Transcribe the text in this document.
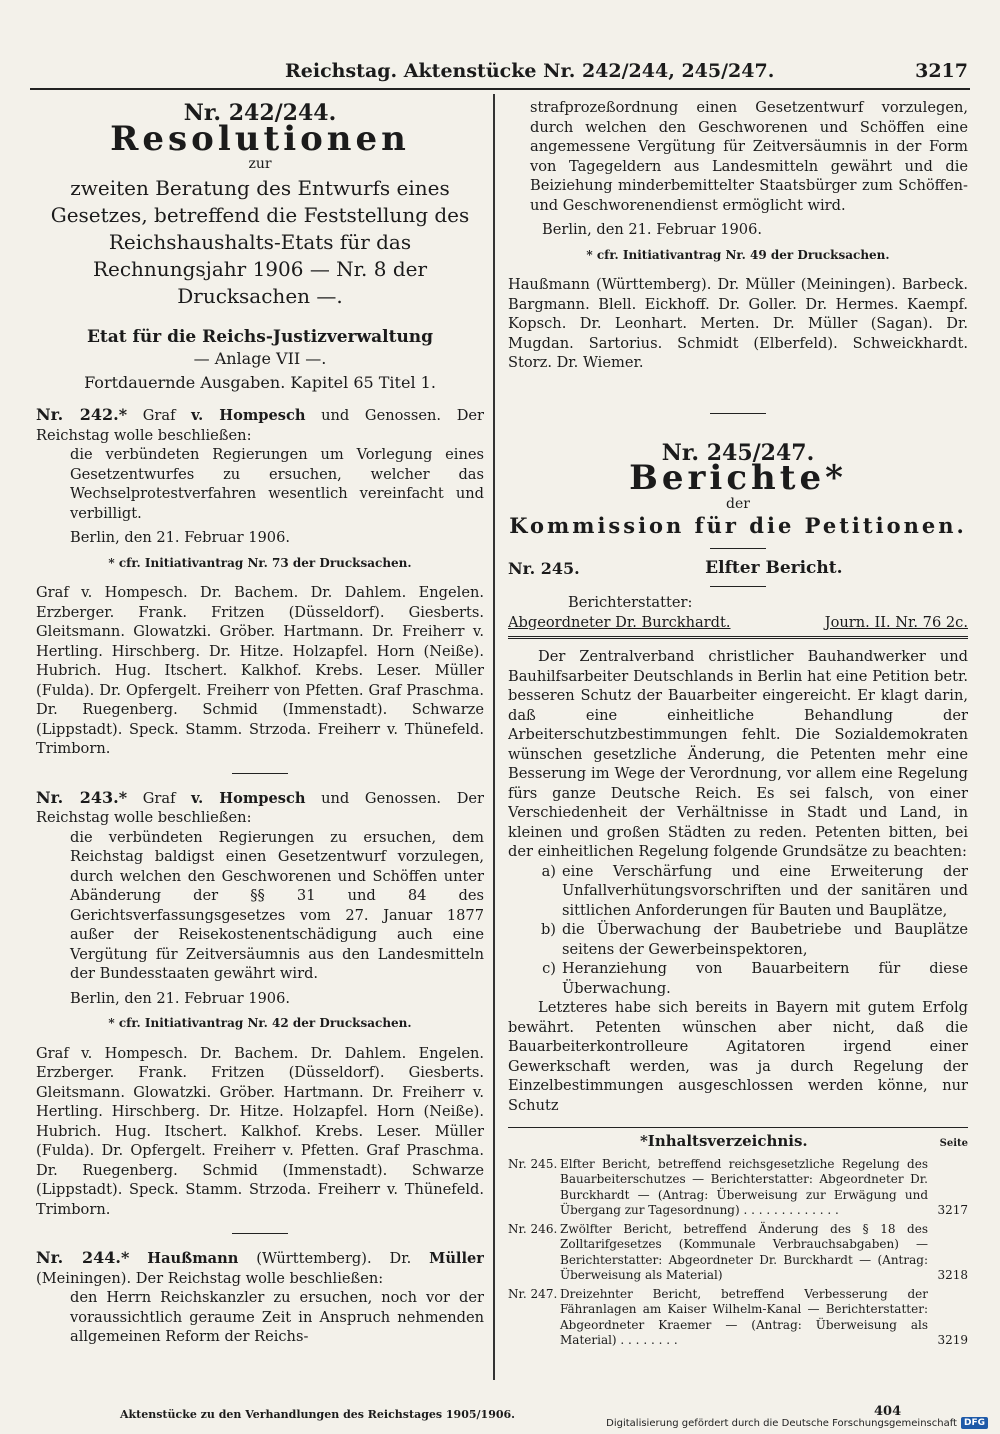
Reichstag. Aktenstücke Nr. 242/244, 245/247.	3217
Nr. 242/244.
Resolutionen
zur
zweiten Beratung des Entwurfs eines Gesetzes, betreffend die Feststellung des Reichshaushalts-Etats für das Rechnungsjahr 1906 — Nr. 8 der Drucksachen —.
Etat für die Reichs-Justizverwaltung
— Anlage VII —.
Fortdauernde Ausgaben. Kapitel 65 Titel 1.
Nr. 242.* Graf v. Hompesch und Genossen. Der Reichstag wolle beschließen:
die verbündeten Regierungen um Vorlegung eines Gesetzentwurfes zu ersuchen, welcher das Wechselprotestverfahren wesentlich vereinfacht und verbilligt.
Berlin, den 21. Februar 1906.
* cfr. Initiativantrag Nr. 73 der Drucksachen.
Graf v. Hompesch. Dr. Bachem. Dr. Dahlem. Engelen. Erzberger. Frank. Fritzen (Düsseldorf). Giesberts. Gleitsmann. Glowatzki. Gröber. Hartmann. Dr. Freiherr v. Hertling. Hirschberg. Dr. Hitze. Holzapfel. Horn (Neiße). Hubrich. Hug. Itschert. Kalkhof. Krebs. Leser. Müller (Fulda). Dr. Opfergelt. Freiherr von Pfetten. Graf Praschma. Dr. Ruegenberg. Schmid (Immenstadt). Schwarze (Lippstadt). Speck. Stamm. Strzoda. Freiherr v. Thünefeld. Trimborn.
Nr. 243.* Graf v. Hompesch und Genossen. Der Reichstag wolle beschließen:
die verbündeten Regierungen zu ersuchen, dem Reichstag baldigst einen Gesetzentwurf vorzulegen, durch welchen den Geschworenen und Schöffen unter Abänderung der §§ 31 und 84 des Gerichtsverfassungsgesetzes vom 27. Januar 1877 außer der Reisekostenentschädigung auch eine Vergütung für Zeitversäumnis aus den Landesmitteln der Bundesstaaten gewährt wird.
Berlin, den 21. Februar 1906.
* cfr. Initiativantrag Nr. 42 der Drucksachen.
Graf v. Hompesch. Dr. Bachem. Dr. Dahlem. Engelen. Erzberger. Frank. Fritzen (Düsseldorf). Giesberts. Gleitsmann. Glowatzki. Gröber. Hartmann. Dr. Freiherr v. Hertling. Hirschberg. Dr. Hitze. Holzapfel. Horn (Neiße). Hubrich. Hug. Itschert. Kalkhof. Krebs. Leser. Müller (Fulda). Dr. Opfergelt. Freiherr v. Pfetten. Graf Praschma. Dr. Ruegenberg. Schmid (Immenstadt). Schwarze (Lippstadt). Speck. Stamm. Strzoda. Freiherr v. Thünefeld. Trimborn.
Nr. 244.* Haußmann (Württemberg). Dr. Müller (Meiningen). Der Reichstag wolle beschließen:
den Herrn Reichskanzler zu ersuchen, noch vor der voraussichtlich geraume Zeit in Anspruch nehmenden allgemeinen Reform der Reichs-
strafprozeßordnung einen Gesetzentwurf vorzulegen, durch welchen den Geschworenen und Schöffen eine angemessene Vergütung für Zeitversäumnis in der Form von Tagegeldern aus Landesmitteln gewährt und die Beiziehung minderbemittelter Staatsbürger zum Schöffen- und Geschworenendienst ermöglicht wird.
Berlin, den 21. Februar 1906.
* cfr. Initiativantrag Nr. 49 der Drucksachen.
Haußmann (Württemberg). Dr. Müller (Meiningen). Barbeck. Bargmann. Blell. Eickhoff. Dr. Goller. Dr. Hermes. Kaempf. Kopsch. Dr. Leonhart. Merten. Dr. Müller (Sagan). Dr. Mugdan. Sartorius. Schmidt (Elberfeld). Schweickhardt. Storz. Dr. Wiemer.
Nr. 245/247.
Berichte*
der
Kommission für die Petitionen.
Nr. 245.	Elfter Bericht.
Berichterstatter:
Abgeordneter Dr. Burckhardt.	Journ. II. Nr. 76 2c.
Der Zentralverband christlicher Bauhandwerker und Bauhilfsarbeiter Deutschlands in Berlin hat eine Petition betr. besseren Schutz der Bauarbeiter eingereicht. Er klagt darin, daß eine einheitliche Behandlung der Arbeiterschutzbestimmungen fehlt. Die Sozialdemokraten wünschen gesetzliche Änderung, die Petenten mehr eine Besserung im Wege der Verordnung, vor allem eine Regelung fürs ganze Deutsche Reich. Es sei falsch, von einer Verschiedenheit der Verhältnisse in Stadt und Land, in kleinen und großen Städten zu reden. Petenten bitten, bei der einheitlichen Regelung folgende Grundsätze zu beachten:
a) eine Verschärfung und eine Erweiterung der Unfallverhütungsvorschriften und der sanitären und sittlichen Anforderungen für Bauten und Bauplätze,
b) die Überwachung der Baubetriebe und Bauplätze seitens der Gewerbeinspektoren,
c) Heranziehung von Bauarbeitern für diese Überwachung.
Letzteres habe sich bereits in Bayern mit gutem Erfolg bewährt. Petenten wünschen aber nicht, daß die Bauarbeiterkontrolleure Agitatoren irgend einer Gewerkschaft werden, was ja durch Regelung der Einzelbestimmungen ausgeschlossen werden könne, nur Schutz
*Inhaltsverzeichnis.	Seite
Nr. 245. Elfter Bericht, betreffend reichsgesetzliche Regelung des Bauarbeiterschutzes — Berichterstatter: Abgeordneter Dr. Burckhardt — (Antrag: Überweisung zur Erwägung und Übergang zur Tagesordnung) . . . . . . . . . . . . .	3217
Nr. 246. Zwölfter Bericht, betreffend Änderung des § 18 des Zolltarifgesetzes (Kommunale Verbrauchsabgaben) — Berichterstatter: Abgeordneter Dr. Burckhardt — (Antrag: Überweisung als Material)	3218
Nr. 247. Dreizehnter Bericht, betreffend Verbesserung der Fähranlagen am Kaiser Wilhelm-Kanal — Berichterstatter: Abgeordneter Kraemer — (Antrag: Überweisung als Material) . . . . . . . .	3219
Aktenstücke zu den Verhandlungen des Reichstages 1905/1906.	404
Digitalisierung gefördert durch die Deutsche Forschungsgemeinschaft DFG
